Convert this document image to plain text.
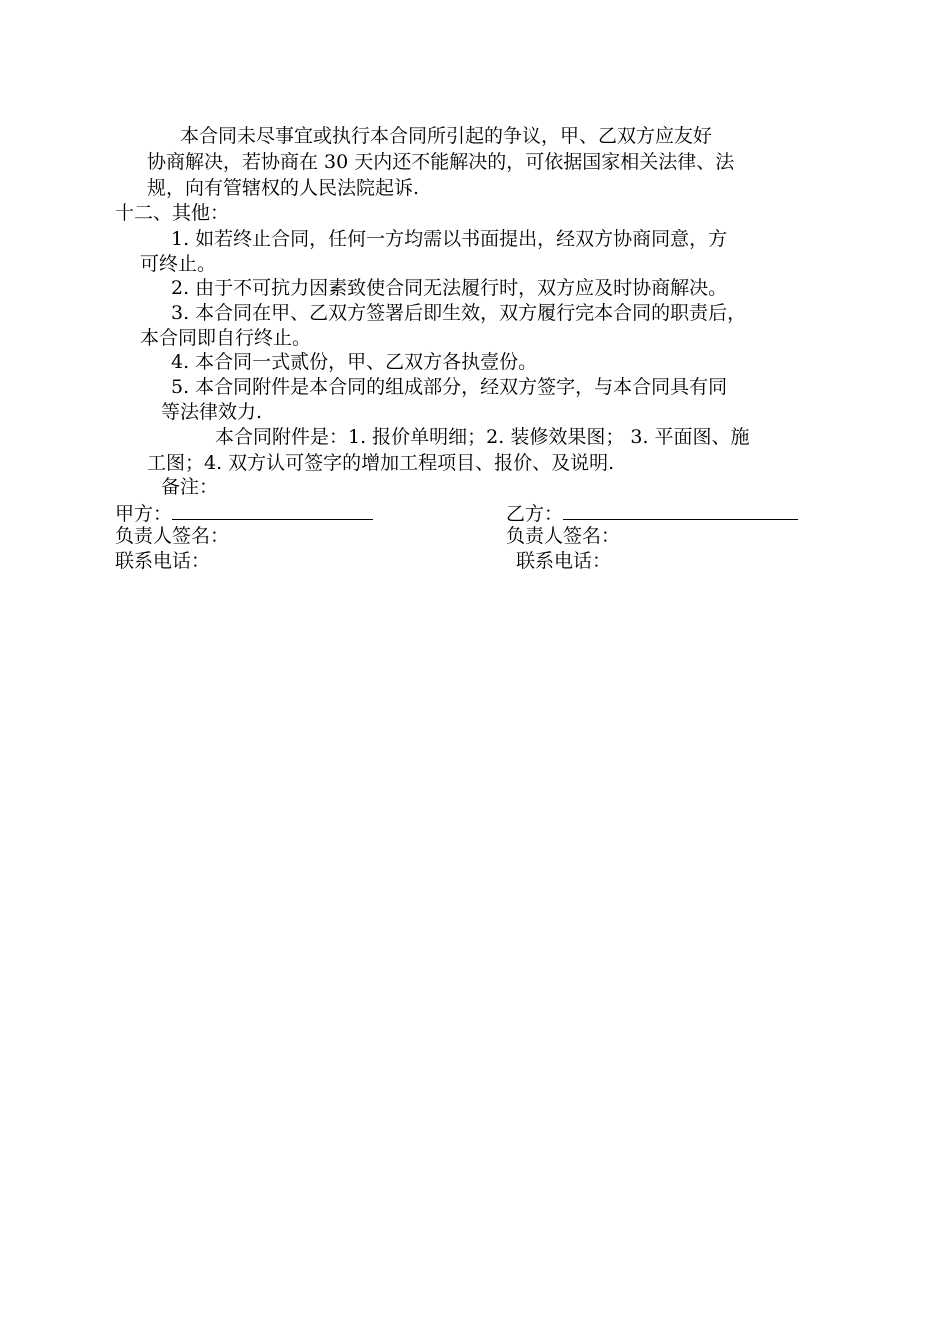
本合同未尽事宜或执行本合同所引起的争议，甲、乙双方应友好
协商解决，若协商在 30 天内还不能解决的，可依据国家相关法律、法
规，向有管辖权的人民法院起诉.
十二、其他：
1. 如若终止合同，任何一方均需以书面提出，经双方协商同意，方
可终止。
2. 由于不可抗力因素致使合同无法履行时，双方应及时协商解决。
3. 本合同在甲、乙双方签署后即生效，双方履行完本合同的职责后，
本合同即自行终止。
4. 本合同一式贰份，甲、乙双方各执壹份。
5. 本合同附件是本合同的组成部分，经双方签字，与本合同具有同
等法律效力.
本合同附件是：1. 报价单明细；2. 装修效果图； 3. 平面图、施
工图；4. 双方认可签字的增加工程项目、报价、及说明.
备注：
甲方：	乙方：
负责人签名：	负责人签名：
联系电话：	联系电话：
